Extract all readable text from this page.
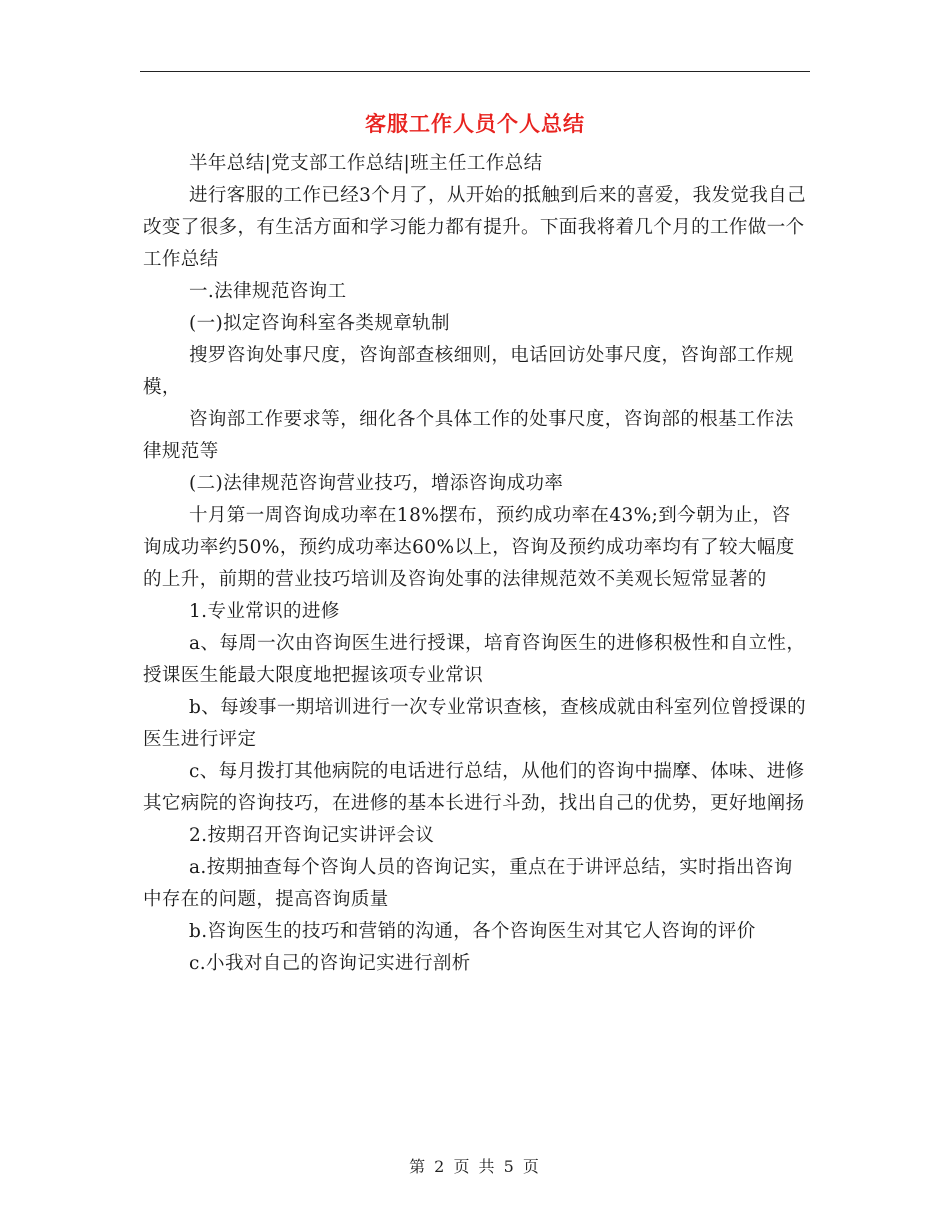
客服工作人员个人总结

半年总结|党支部工作总结|班主任工作总结

进行客服的工作已经3个月了，从开始的抵触到后来的喜爱，我发觉我自己改变了很多，有生活方面和学习能力都有提升。下面我将着几个月的工作做一个工作总结

一.法律规范咨询工

(一)拟定咨询科室各类规章轨制

搜罗咨询处事尺度，咨询部查核细则，电话回访处事尺度，咨询部工作规模，

咨询部工作要求等，细化各个具体工作的处事尺度，咨询部的根基工作法律规范等

(二)法律规范咨询营业技巧，增添咨询成功率

十月第一周咨询成功率在18%摆布，预约成功率在43%;到今朝为止，咨询成功率约50%，预约成功率达60%以上，咨询及预约成功率均有了较大幅度的上升，前期的营业技巧培训及咨询处事的法律规范效不美观长短常显著的

1.专业常识的进修

a、每周一次由咨询医生进行授课，培育咨询医生的进修积极性和自立性，授课医生能最大限度地把握该项专业常识

b、每竣事一期培训进行一次专业常识查核，查核成就由科室列位曾授课的医生进行评定

c、每月拨打其他病院的电话进行总结，从他们的咨询中揣摩、体味、进修其它病院的咨询技巧，在进修的基本长进行斗劲，找出自己的优势，更好地阐扬

2.按期召开咨询记实讲评会议

a.按期抽查每个咨询人员的咨询记实，重点在于讲评总结，实时指出咨询中存在的问题，提高咨询质量

b.咨询医生的技巧和营销的沟通，各个咨询医生对其它人咨询的评价

c.小我对自己的咨询记实进行剖析

第 2 页 共 5 页
